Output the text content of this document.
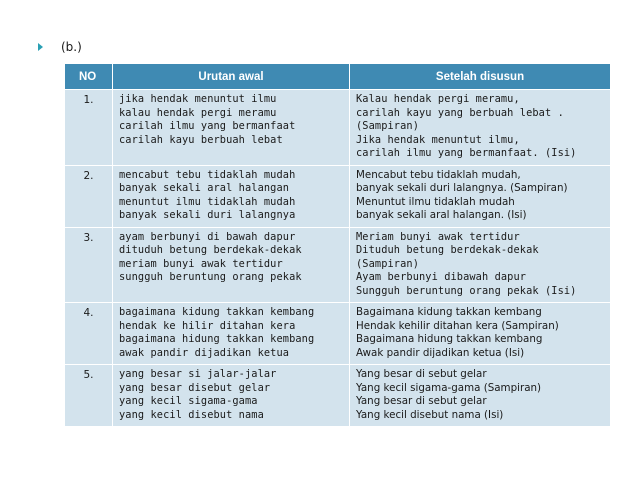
(b.)
NO	Urutan awal	Setelah disusun
1.	jika hendak menuntut ilmu
kalau hendak pergi meramu
carilah ilmu yang bermanfaat
carilah kayu berbuah lebat	Kalau hendak pergi meramu,
carilah kayu yang berbuah lebat .
(Sampiran)
Jika hendak menuntut ilmu,
carilah ilmu yang bermanfaat. (Isi)

2.	mencabut tebu tidaklah mudah
banyak sekali aral halangan
menuntut ilmu tidaklah mudah
banyak sekali duri lalangnya	Mencabut tebu tidaklah mudah,
banyak sekali duri lalangnya. (Sampiran)
Menuntut ilmu tidaklah mudah
banyak sekali aral halangan. (Isi)

3.	ayam berbunyi di bawah dapur
dituduh betung berdekak-dekak
meriam bunyi awak tertidur
sungguh beruntung orang pekak	Meriam bunyi awak tertidur
Dituduh betung berdekak-dekak
(Sampiran)
Ayam berbunyi dibawah dapur
Sungguh beruntung orang pekak (Isi)

4.	bagaimana kidung takkan kembang
hendak ke hilir ditahan kera
bagaimana hidung takkan kembang
awak pandir dijadikan ketua	Bagaimana kidung takkan kembang
Hendak kehilir ditahan kera (Sampiran)
Bagaimana hidung takkan kembang
Awak pandir dijadikan ketua (Isi)

5.	yang besar si jalar-jalar
yang besar disebut gelar
yang kecil sigama-gama
yang kecil disebut nama	Yang besar di sebut gelar
Yang kecil sigama-gama (Sampiran)
Yang besar di sebut gelar
Yang kecil disebut nama (Isi)
